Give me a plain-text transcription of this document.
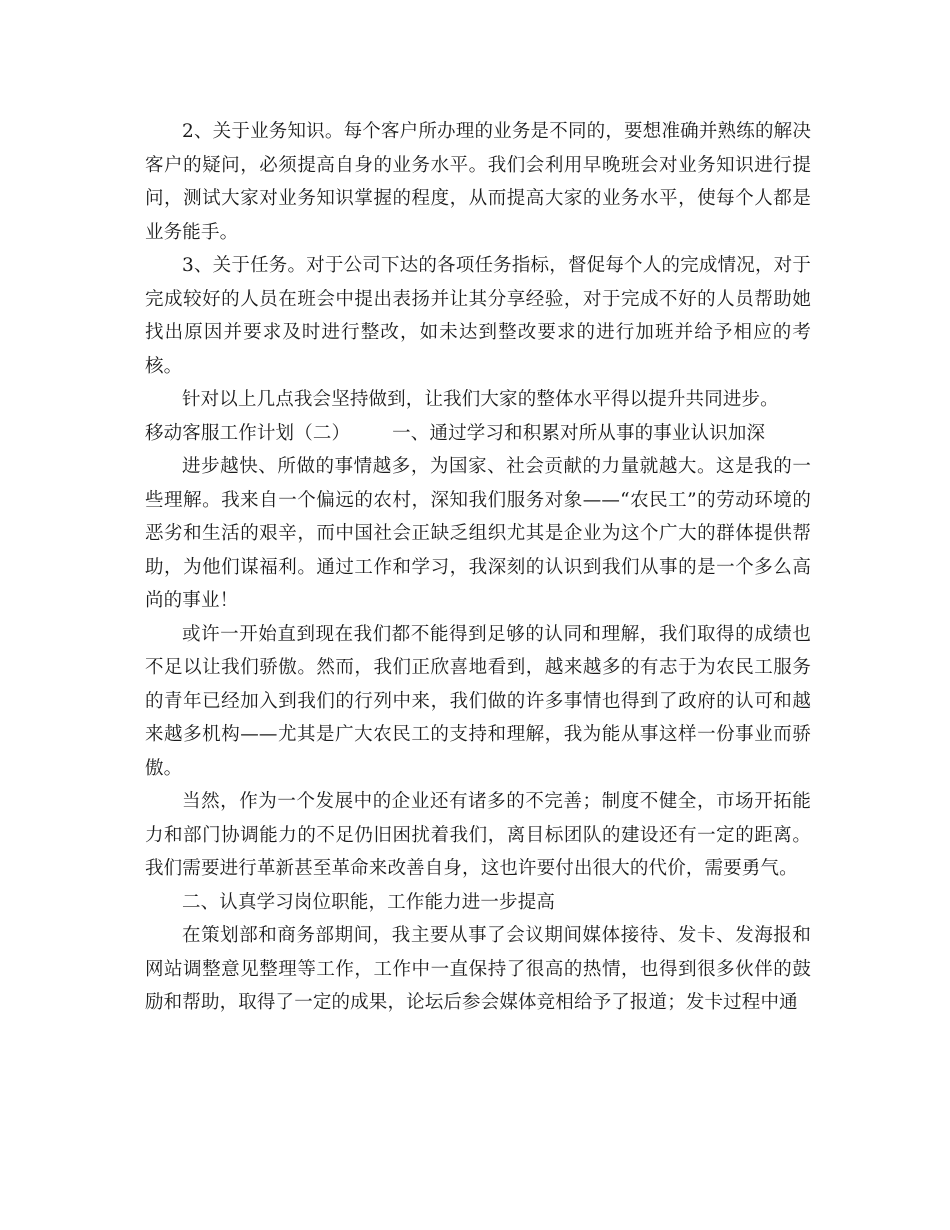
2、关于业务知识。每个客户所办理的业务是不同的，要想准确并熟练的解决客户的疑问，必须提高自身的业务水平。我们会利用早晚班会对业务知识进行提问，测试大家对业务知识掌握的程度，从而提高大家的业务水平，使每个人都是业务能手。

3、关于任务。对于公司下达的各项任务指标，督促每个人的完成情况，对于完成较好的人员在班会中提出表扬并让其分享经验，对于完成不好的人员帮助她找出原因并要求及时进行整改，如未达到整改要求的进行加班并给予相应的考核。

针对以上几点我会坚持做到，让我们大家的整体水平得以提升共同进步。

移动客服工作计划（二） 一、通过学习和积累对所从事的事业认识加深

进步越快、所做的事情越多，为国家、社会贡献的力量就越大。这是我的一些理解。我来自一个偏远的农村，深知我们服务对象——“农民工”的劳动环境的恶劣和生活的艰辛，而中国社会正缺乏组织尤其是企业为这个广大的群体提供帮助，为他们谋福利。通过工作和学习，我深刻的认识到我们从事的是一个多么高尚的事业！

或许一开始直到现在我们都不能得到足够的认同和理解，我们取得的成绩也不足以让我们骄傲。然而，我们正欣喜地看到，越来越多的有志于为农民工服务的青年已经加入到我们的行列中来，我们做的许多事情也得到了政府的认可和越来越多机构——尤其是广大农民工的支持和理解，我为能从事这样一份事业而骄傲。

当然，作为一个发展中的企业还有诸多的不完善；制度不健全，市场开拓能力和部门协调能力的不足仍旧困扰着我们，离目标团队的建设还有一定的距离。我们需要进行革新甚至革命来改善自身，这也许要付出很大的代价，需要勇气。

二、认真学习岗位职能，工作能力进一步提高

在策划部和商务部期间，我主要从事了会议期间媒体接待、发卡、发海报和网站调整意见整理等工作，工作中一直保持了很高的热情，也得到很多伙伴的鼓励和帮助，取得了一定的成果，论坛后参会媒体竞相给予了报道；发卡过程中通
